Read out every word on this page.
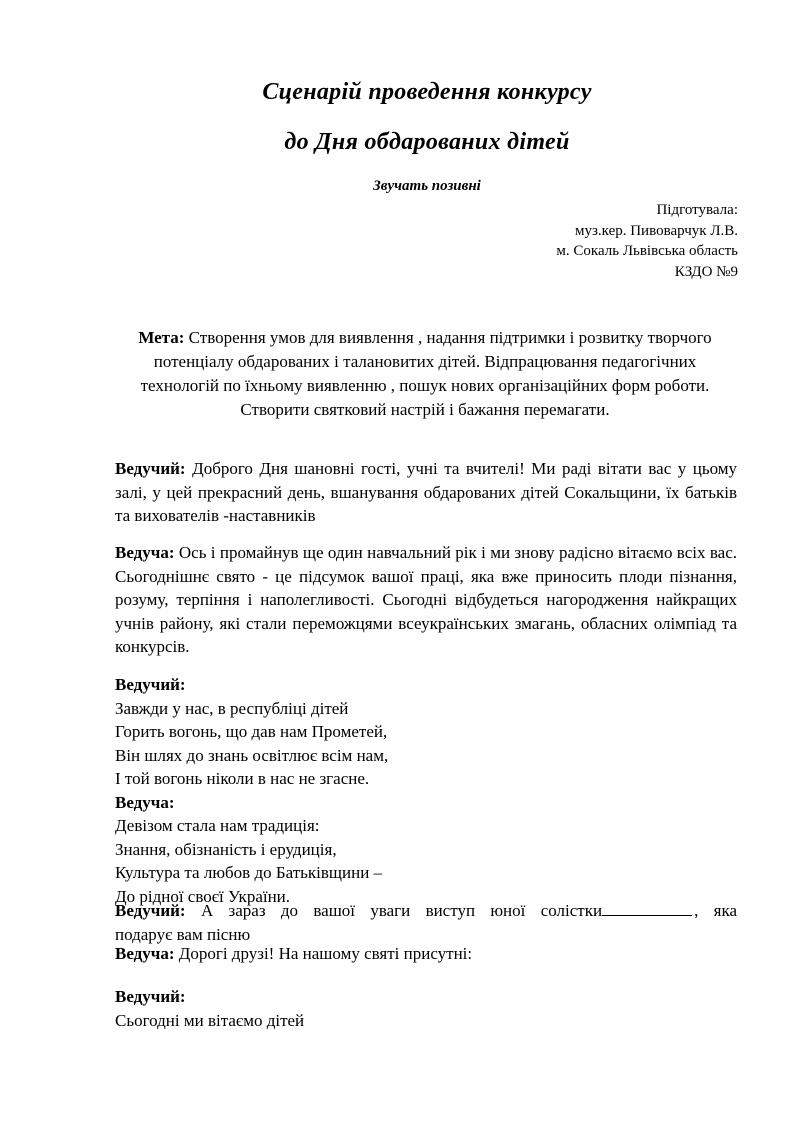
Сценарій проведення конкурсу
до Дня обдарованих дітей
Звучать позивні
Підготувала:
муз.кер. Пивоварчук Л.В.
м. Сокаль Львівська область
КЗДО №9
Мета: Створення умов для виявлення , надання підтримки і розвитку творчого потенціалу обдарованих і талановитих дітей. Відпрацювання педагогічних технологій по їхньому виявленню , пошук нових організаційних форм роботи. Створити святковий настрій і бажання перемагати.
Ведучий: Доброго Дня шановні гості, учні та вчителі! Ми раді вітати вас у цьому залі, у цей прекрасний день, вшанування обдарованих дітей Сокальщини, їх батьків та вихователів -наставників
Ведуча: Ось і промайнув ще один навчальний рік і ми знову радісно вітаємо всіх вас. Сьогоднішнє свято - це підсумок вашої праці, яка вже приносить плоди пізнання, розуму, терпіння і наполегливості. Сьогодні відбудеться нагородження найкращих учнів району, які стали переможцями всеукраїнських змагань, обласних олімпіад та конкурсів.
Ведучий:
Завжди у нас, в республіці дітей
Горить вогонь, що дав нам Прометей,
Він шлях до знань освітлює всім нам,
І той вогонь ніколи в нас не згасне.
Ведуча:
Девізом стала нам традиція:
Знання, обізнаність і ерудиція,
Культура та любов до Батьківщини –
До рідної своєї України.
Ведучий: А зараз до вашої уваги виступ юної солістки	, яка
подарує вам пісню
Ведуча: Дорогі друзі! На нашому святі присутні:
Ведучий:
Сьогодні ми вітаємо дітей
